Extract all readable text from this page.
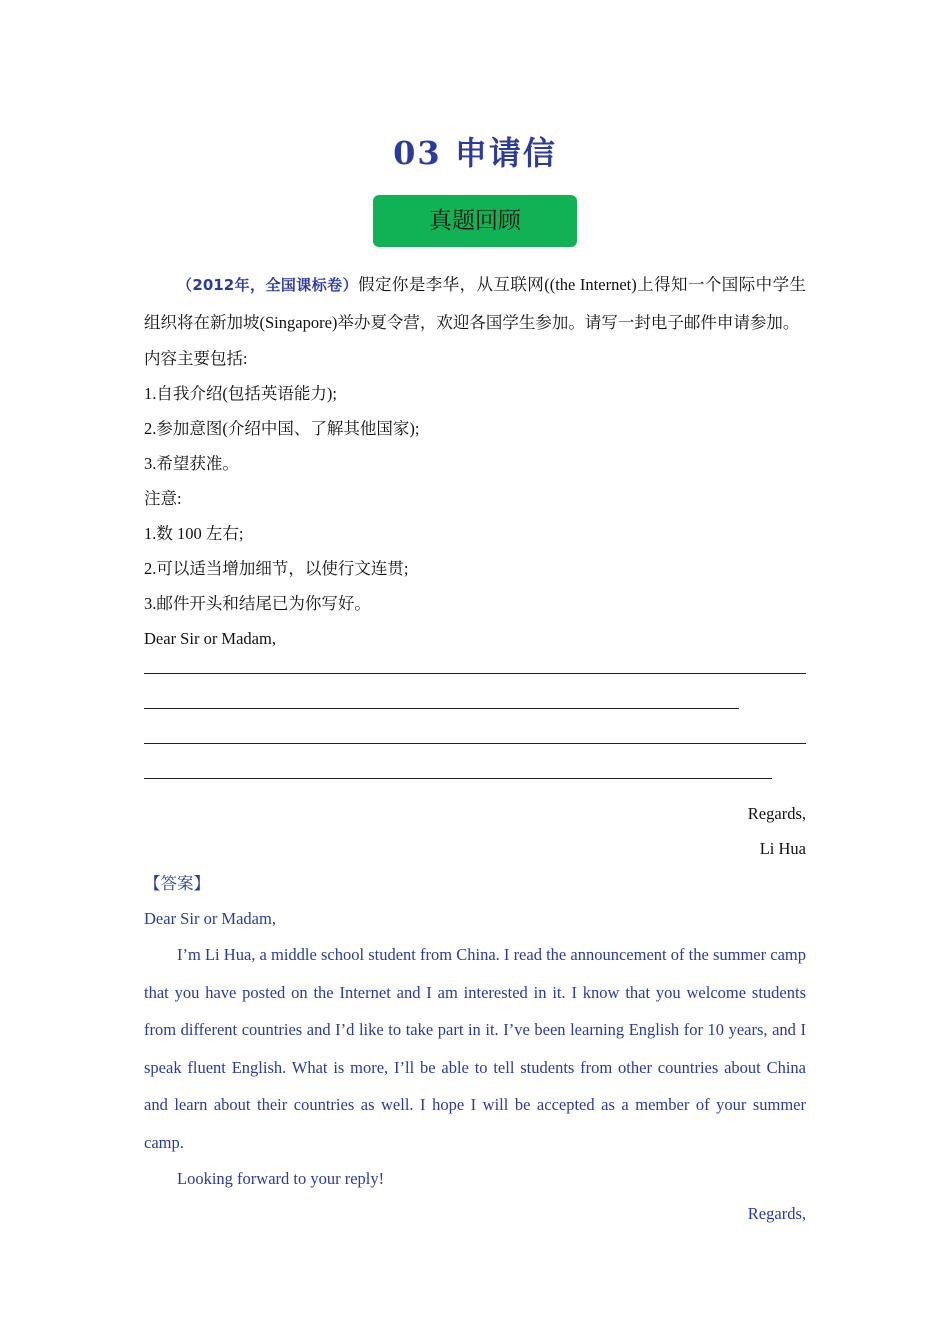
03 申请信
真题回顾
（2012年，全国课标卷）假定你是李华，从互联网((the Internet)上得知一个国际中学生组织将在新加坡(Singapore)举办夏令营，欢迎各国学生参加。请写一封电子邮件申请参加。
内容主要包括:
1.自我介绍(包括英语能力);
2.参加意图(介绍中国、了解其他国家);
3.希望获准。
注意:
1.数 100 左右;
2.可以适当增加细节，以使行文连贯;
3.邮件开头和结尾已为你写好。
Dear Sir or Madam,
Regards,
Li Hua
【答案】
Dear Sir or Madam,
I’m Li Hua, a middle school student from China. I read the announcement of the summer camp that you have posted on the Internet and I am interested in it. I know that you welcome students from different countries and I’d like to take part in it. I’ve been learning English for 10 years, and I speak fluent English. What is more, I’ll be able to tell students from other countries about China and learn about their countries as well. I hope I will be accepted as a member of your summer camp.
Looking forward to your reply!
Regards,
